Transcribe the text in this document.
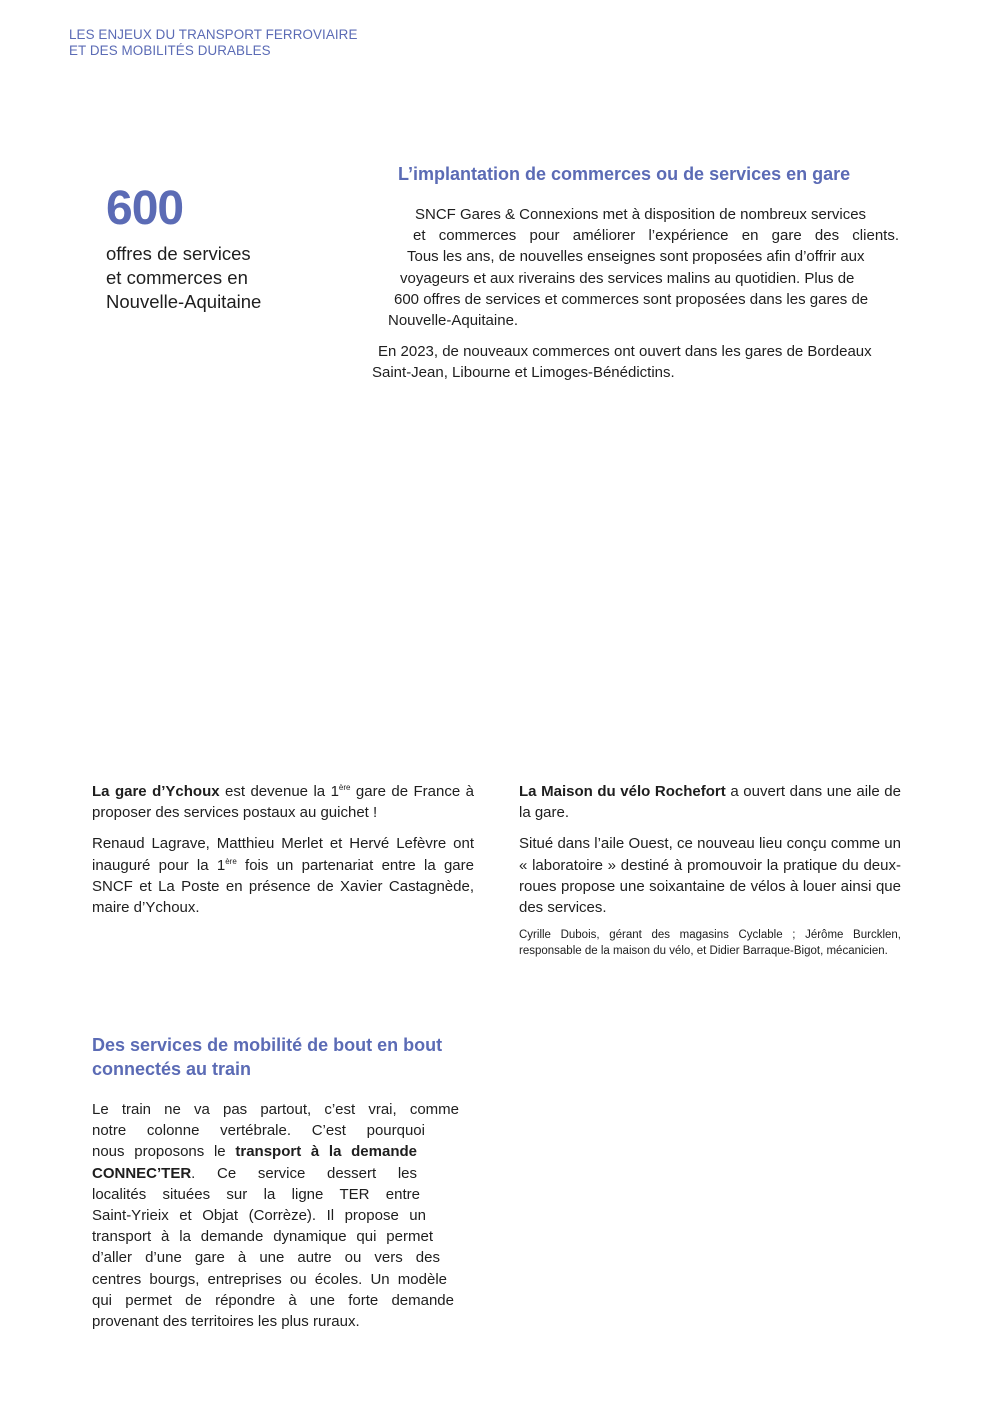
LES ENJEUX DU TRANSPORT FERROVIAIRE
ET DES MOBILITÉS DURABLES
600
offres de services
et commerces en
Nouvelle-Aquitaine
L’implantation de commerces ou de services en gare
SNCF Gares & Connexions met à disposition de nombreux services
et commerces pour améliorer l’expérience en gare des clients.
Tous les ans, de nouvelles enseignes sont proposées afin d’offrir aux
voyageurs et aux riverains des services malins au quotidien. Plus de
600 offres de services et commerces sont proposées dans les gares de
Nouvelle-Aquitaine.
En 2023, de nouveaux commerces ont ouvert dans les gares de Bordeaux
Saint-Jean, Libourne et Limoges-Bénédictins.

La gare d’Ychoux est devenue la 1ère gare de France à proposer des services postaux au guichet !

Renaud Lagrave, Matthieu Merlet et Hervé Lefèvre ont inauguré pour la 1ère fois un partenariat entre la gare SNCF et La Poste en présence de Xavier Castagnède, maire d’Ychoux.

La Maison du vélo Rochefort a ouvert dans une aile de la gare.

Situé dans l’aile Ouest, ce nouveau lieu conçu comme un « laboratoire » destiné à promouvoir la pratique du deux-roues propose une soixantaine de vélos à louer ainsi que des services.

Cyrille Dubois, gérant des magasins Cyclable ; Jérôme Burcklen, responsable de la maison du vélo, et Didier Barraque-Bigot, mécanicien.
Des services de mobilité de bout en bout
connectés au train
Le train ne va pas partout, c’est vrai, comme
notre colonne vertébrale. C’est pourquoi
nous proposons le transport à la demande
CONNEC’TER. Ce service dessert les
localités situées sur la ligne TER entre
Saint-Yrieix et Objat (Corrèze). Il propose un
transport à la demande dynamique qui permet
d’aller d’une gare à une autre ou vers des
centres bourgs, entreprises ou écoles. Un modèle
qui permet de répondre à une forte demande
provenant des territoires les plus ruraux.
